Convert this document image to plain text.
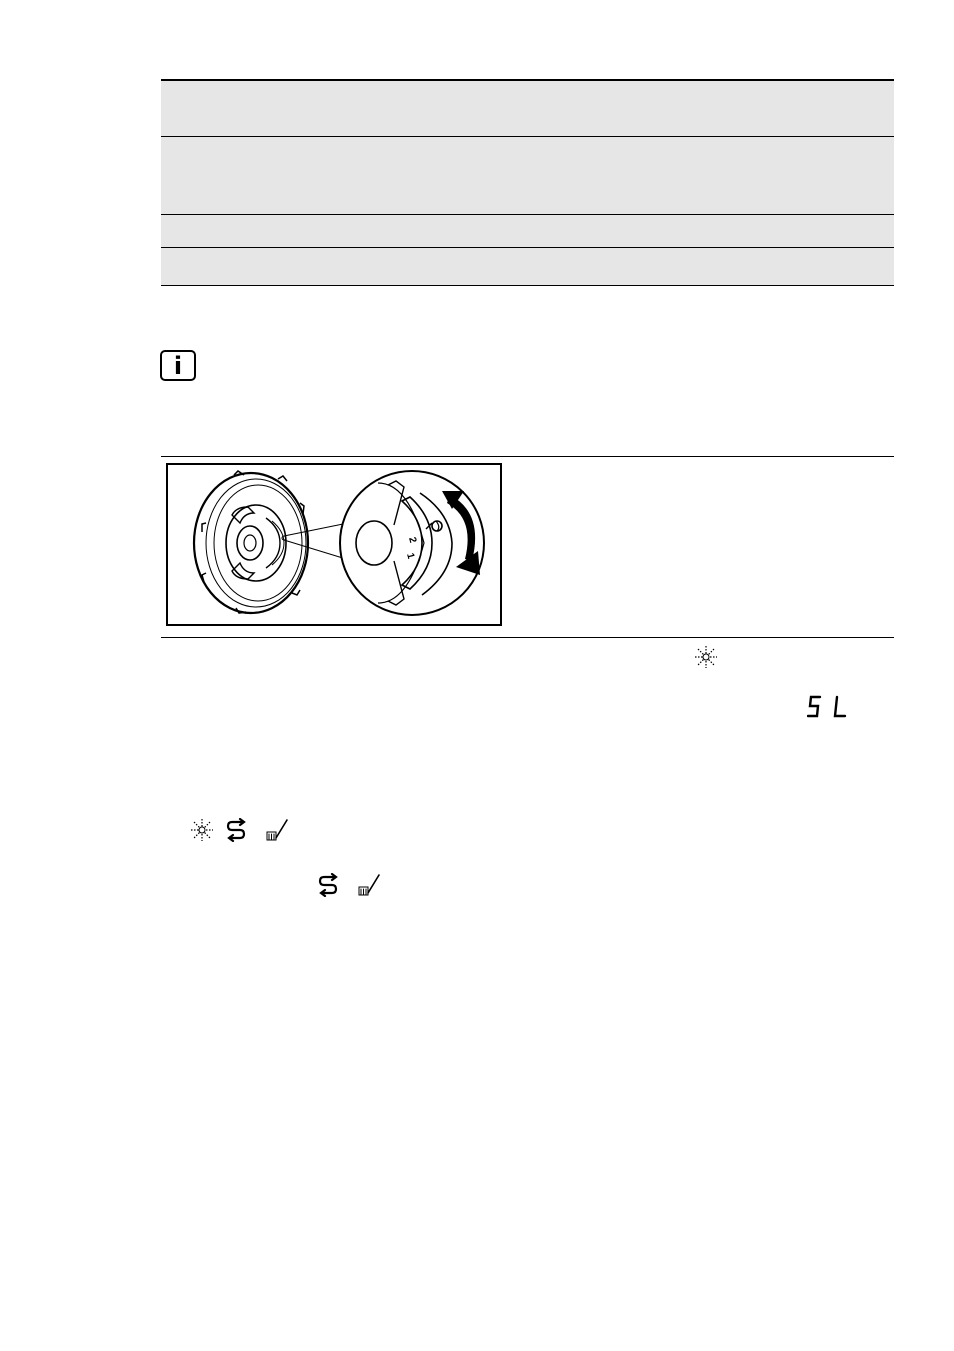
i
2
1
